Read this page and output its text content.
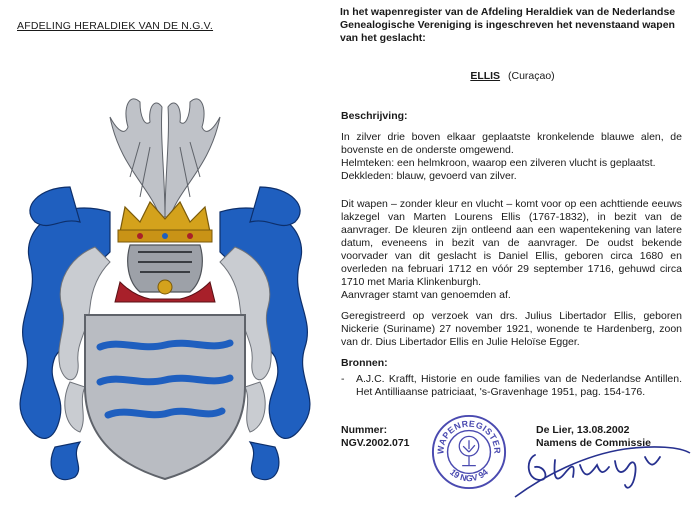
AFDELING HERALDIEK VAN DE N.G.V.
In het wapenregister van de Afdeling Heraldiek van de Nederlandse Genealogische Vereniging is ingeschreven het nevenstaand wapen van het geslacht:
ELLIS (Curaçao)
Beschrijving:

In zilver drie boven elkaar geplaatste kronkelende blauwe alen, de bovenste en de onderste omgewend.

Helmteken: een helmkroon, waarop een zilveren vlucht is geplaatst.

Dekkleden: blauw, gevoerd van zilver.

Dit wapen – zonder kleur en vlucht – komt voor op een achttiende eeuws lakzegel van Marten Lourens Ellis (1767-1832), in bezit van de aanvrager. De kleuren zijn ontleend aan een wapentekening van latere datum, eveneens in bezit van de aanvrager. De oudst bekende voorvader van dit geslacht is Daniel Ellis, geboren circa 1680 en overleden na februari 1712 en vóór 29 september 1716, gehuwd circa 1710 met Maria Klinkenburgh.

Aanvrager stamt van genoemden af.

Geregistreerd op verzoek van drs. Julius Libertador Ellis, geboren Nickerie (Suriname) 27 november 1921, wonende te Hardenberg, zoon van dr. Dius Libertador Ellis en Julie Heloïse Egger.

Bronnen:
- A.J.C. Krafft, Historie en oude families van de Nederlandse Antillen. Het Antilliaanse patriciaat, 's-Gravenhage 1951, pag. 154-176.
Nummer:
NGV.2002.071
WAPENREGISTER
19 NGV 94
De Lier, 13.08.2002
Namens de Commissie
